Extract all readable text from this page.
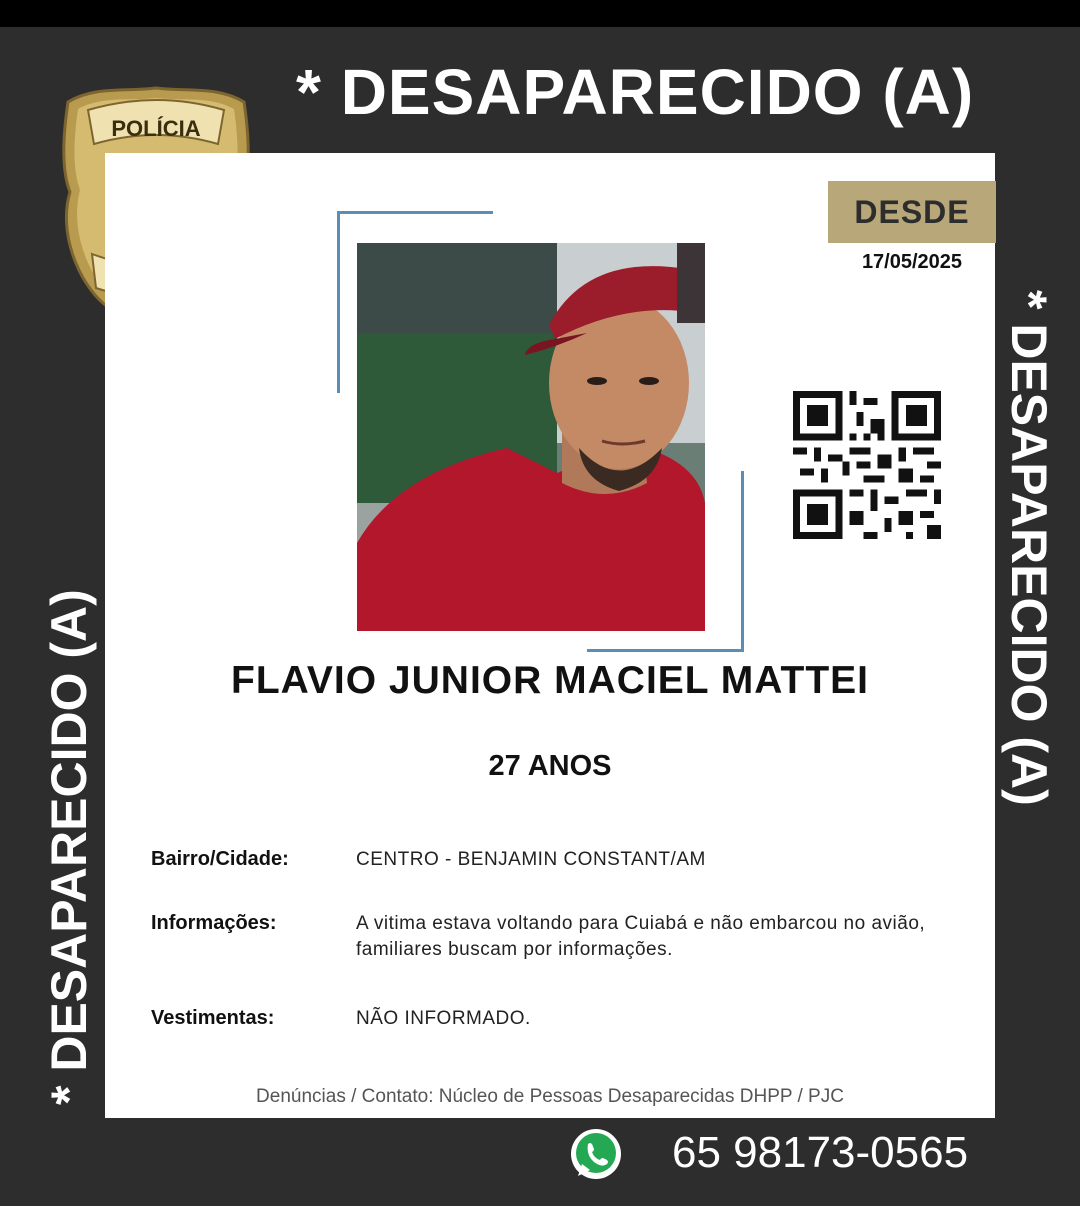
* DESAPARECIDO (A)
* DESAPARECIDO (A)
* DESAPARECIDO (A)
POLÍCIA
DESDE
17/05/2025
FLAVIO JUNIOR MACIEL MATTEI
27 ANOS
Bairro/Cidade:	CENTRO - BENJAMIN CONSTANT/AM
Informações:	A vitima estava voltando para Cuiabá e não embarcou no avião, familiares buscam por informações.
Vestimentas:	NÃO INFORMADO.
Denúncias / Contato: Núcleo de Pessoas Desaparecidas DHPP / PJC
65 98173-0565
